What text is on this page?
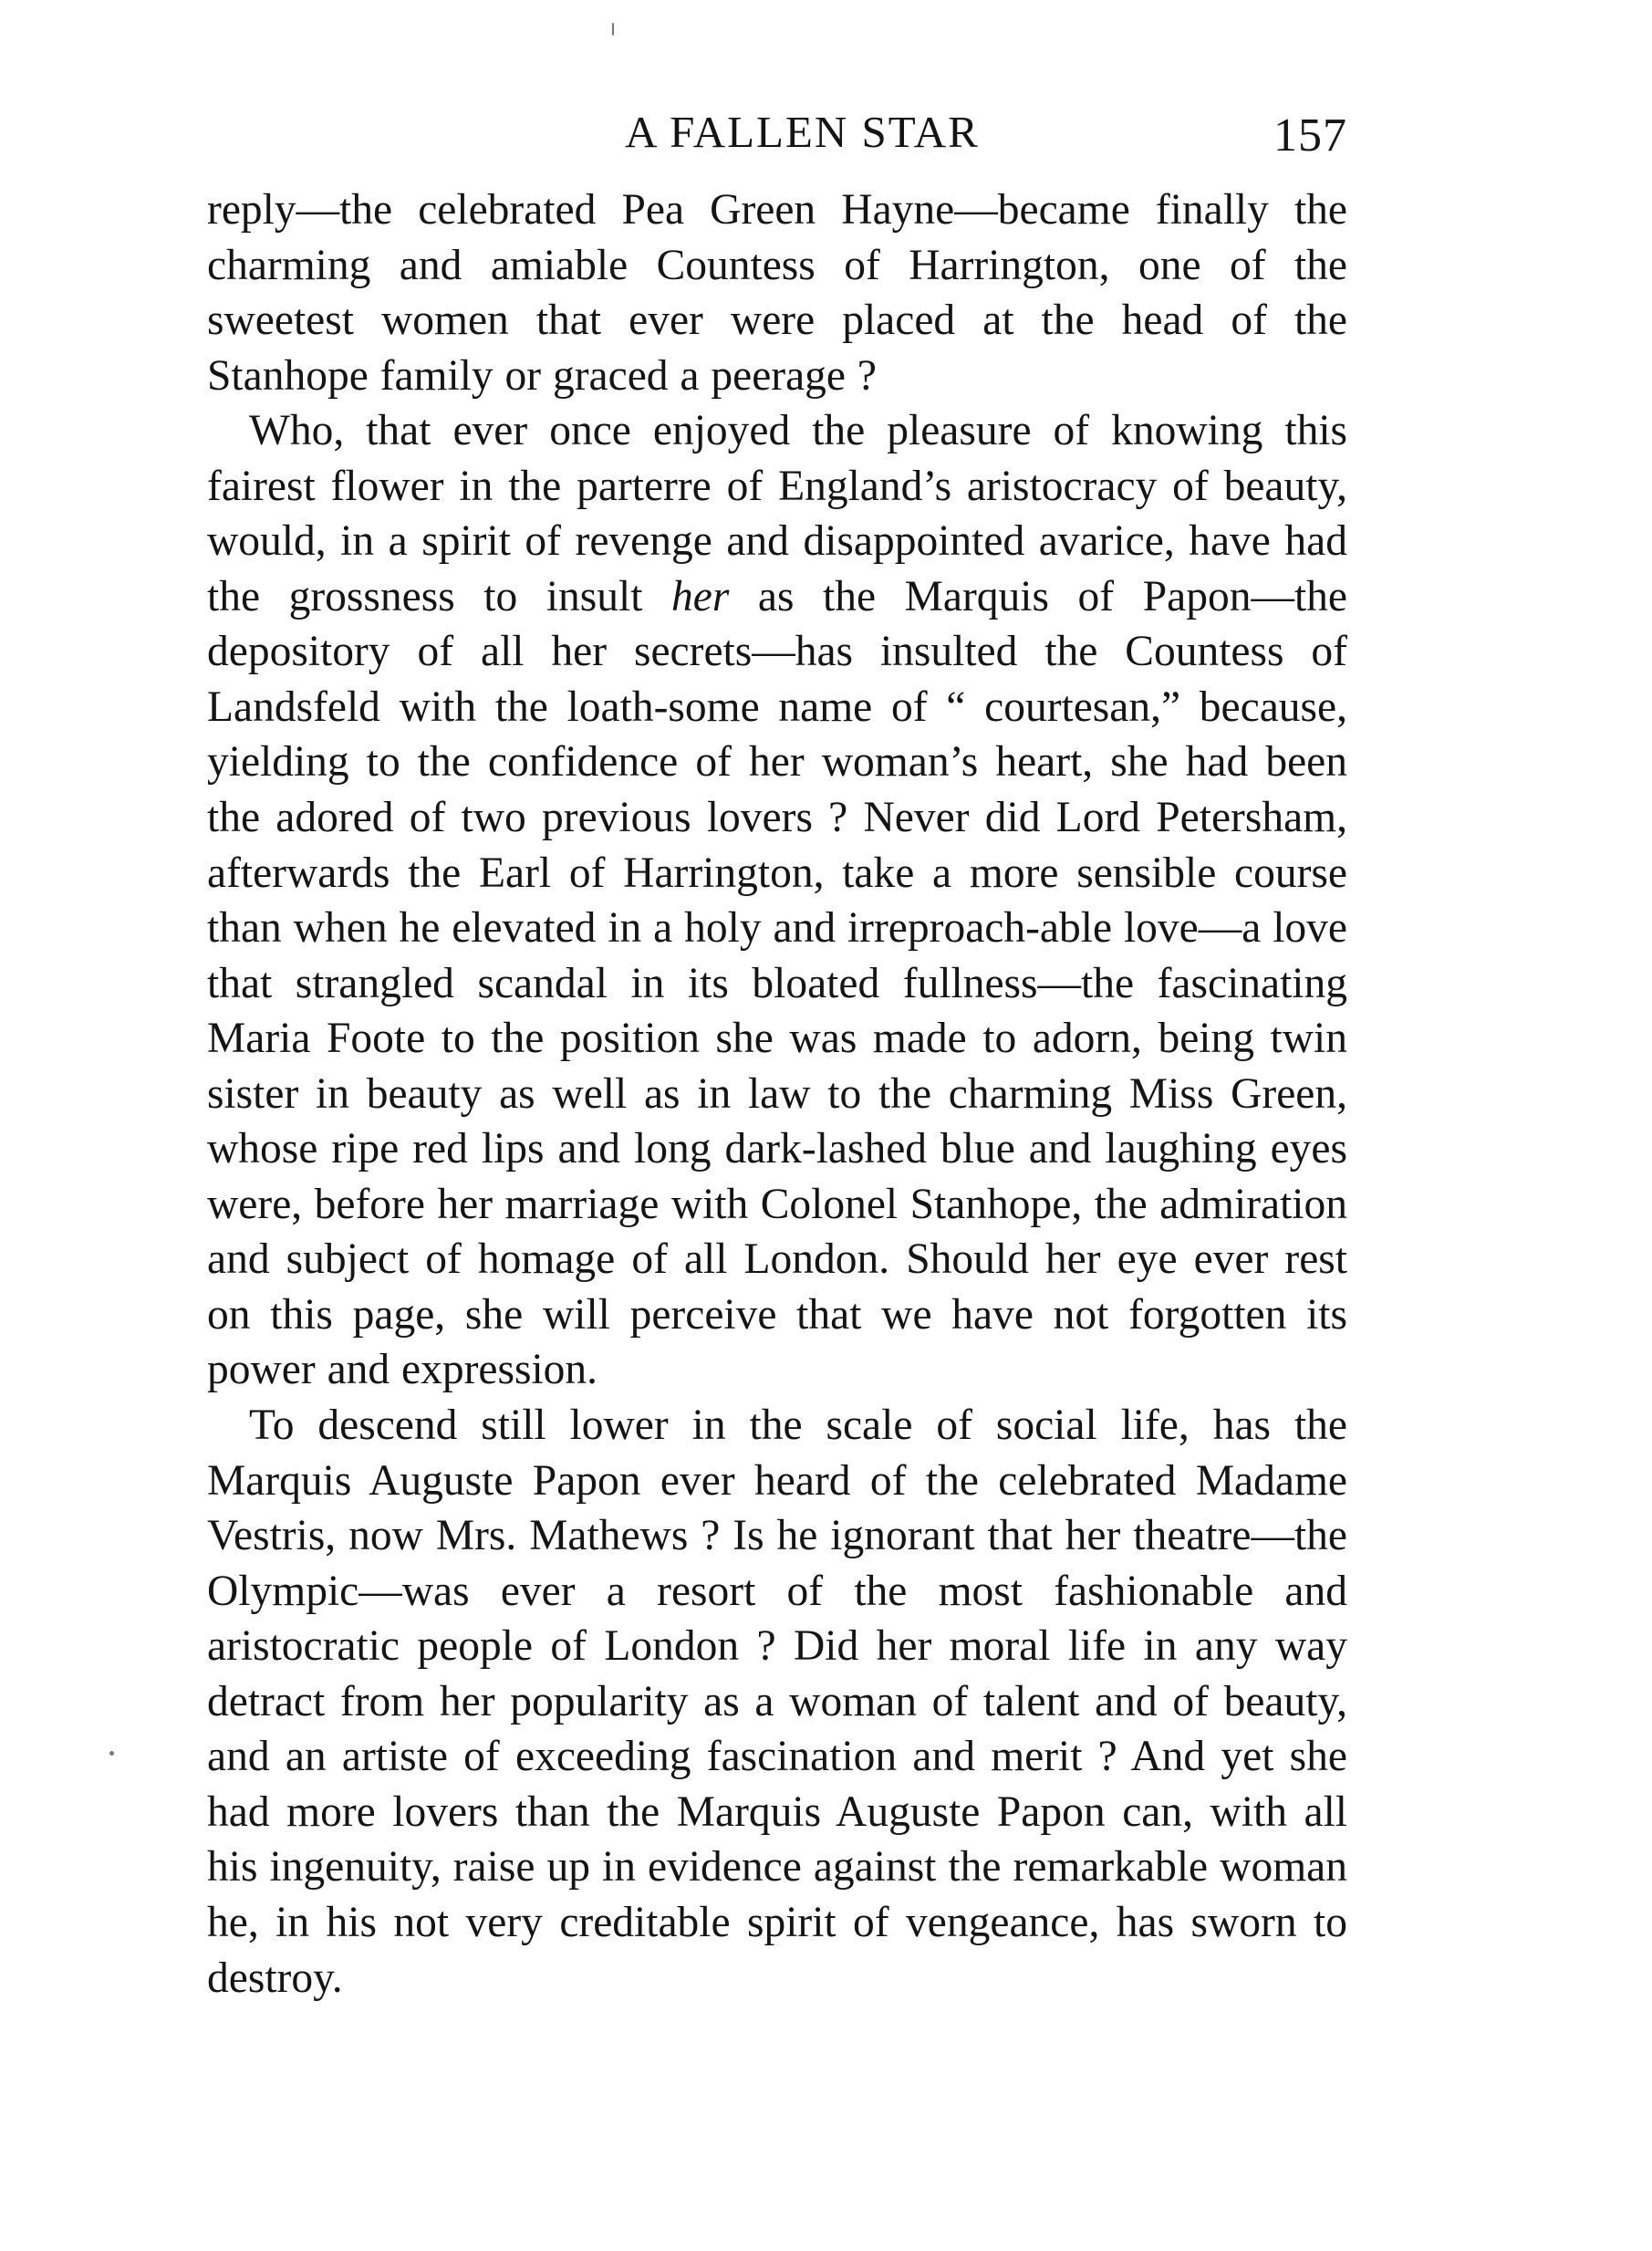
A FALLEN STAR	157

reply—the celebrated Pea Green Hayne—became finally the charming and amiable Countess of Harrington, one of the sweetest women that ever were placed at the head of the Stanhope family or graced a peerage ?

Who, that ever once enjoyed the pleasure of knowing this fairest flower in the parterre of England’s aristocracy of beauty, would, in a spirit of revenge and disappointed avarice, have had the grossness to insult her as the Marquis of Papon—the depository of all her secrets—has insulted the Countess of Landsfeld with the loath-some name of “ courtesan,” because, yielding to the confidence of her woman’s heart, she had been the adored of two previous lovers ? Never did Lord Petersham, afterwards the Earl of Harrington, take a more sensible course than when he elevated in a holy and irreproach-able love—a love that strangled scandal in its bloated fullness—the fascinating Maria Foote to the position she was made to adorn, being twin sister in beauty as well as in law to the charming Miss Green, whose ripe red lips and long dark-lashed blue and laughing eyes were, before her marriage with Colonel Stanhope, the admiration and subject of homage of all London. Should her eye ever rest on this page, she will perceive that we have not forgotten its power and expression.

To descend still lower in the scale of social life, has the Marquis Auguste Papon ever heard of the celebrated Madame Vestris, now Mrs. Mathews ? Is he ignorant that her theatre—the Olympic—was ever a resort of the most fashionable and aristocratic people of London ? Did her moral life in any way detract from her popularity as a woman of talent and of beauty, and an artiste of exceeding fascination and merit ? And yet she had more lovers than the Marquis Auguste Papon can, with all his ingenuity, raise up in evidence against the remarkable woman he, in his not very creditable spirit of vengeance, has sworn to destroy.
